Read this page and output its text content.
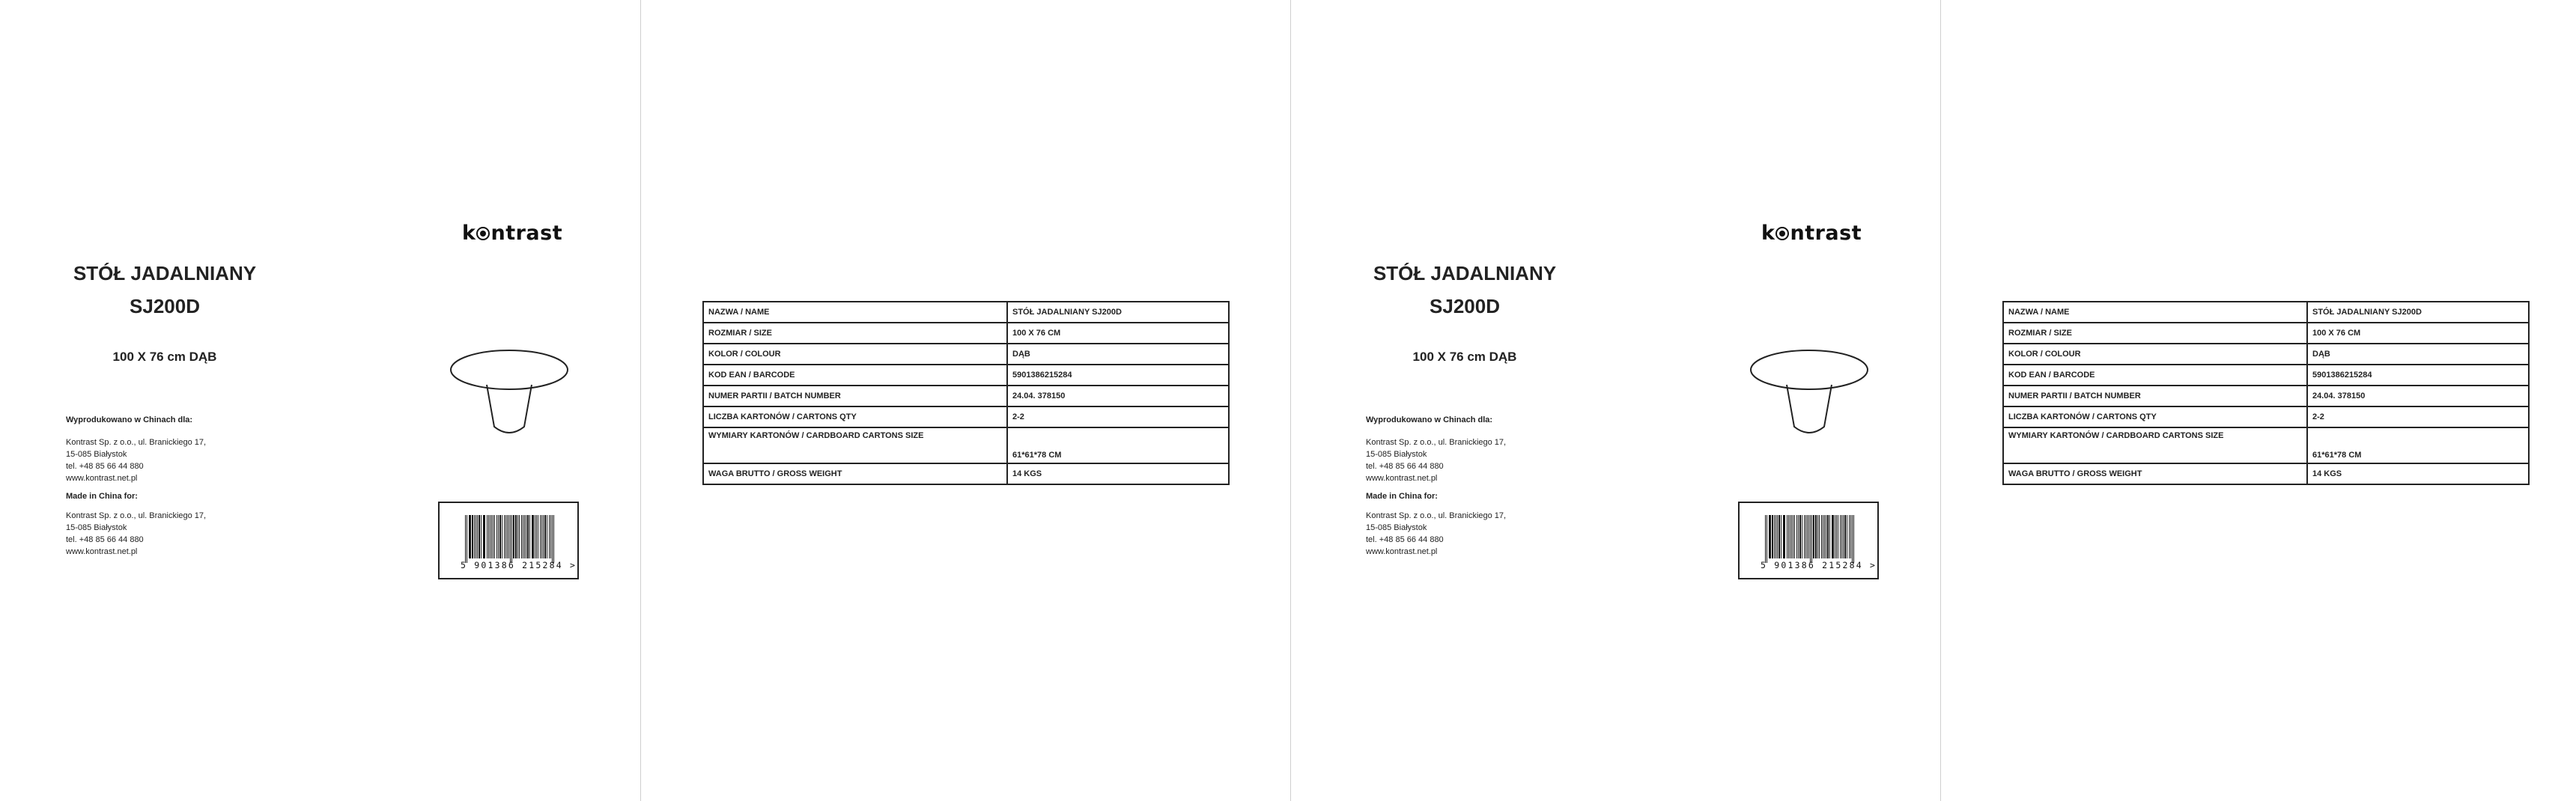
k ntrast
STÓŁ JADALNIANY
SJ200D
100 X 76 cm DĄB
Wyprodukowano w Chinach dla:
Kontrast Sp. z o.o., ul. Branickiego 17,
15-085 Białystok
tel. +48 85 66 44 880
www.kontrast.net.pl
Made in China for:
Kontrast Sp. z o.o., ul. Branickiego 17,
15-085 Białystok
tel. +48 85 66 44 880
www.kontrast.net.pl
5 901386 215284 >
NAZWA / NAME	STÓŁ JADALNIANY SJ200D
ROZMIAR / SIZE	100 X 76 CM
KOLOR / COLOUR	DĄB
KOD EAN / BARCODE	5901386215284
NUMER PARTII / BATCH NUMBER	24.04. 378150
LICZBA KARTONÓW / CARTONS QTY	2-2
WYMIARY KARTONÓW / CARDBOARD CARTONS SIZE	61*61*78 CM
WAGA BRUTTO / GROSS WEIGHT	14 KGS
k ntrast
STÓŁ JADALNIANY
SJ200D
100 X 76 cm DĄB
Wyprodukowano w Chinach dla:
Kontrast Sp. z o.o., ul. Branickiego 17,
15-085 Białystok
tel. +48 85 66 44 880
www.kontrast.net.pl
Made in China for:
Kontrast Sp. z o.o., ul. Branickiego 17,
15-085 Białystok
tel. +48 85 66 44 880
www.kontrast.net.pl
5 901386 215284 >
NAZWA / NAME	STÓŁ JADALNIANY SJ200D
ROZMIAR / SIZE	100 X 76 CM
KOLOR / COLOUR	DĄB
KOD EAN / BARCODE	5901386215284
NUMER PARTII / BATCH NUMBER	24.04. 378150
LICZBA KARTONÓW / CARTONS QTY	2-2
WYMIARY KARTONÓW / CARDBOARD CARTONS SIZE	61*61*78 CM
WAGA BRUTTO / GROSS WEIGHT	14 KGS
